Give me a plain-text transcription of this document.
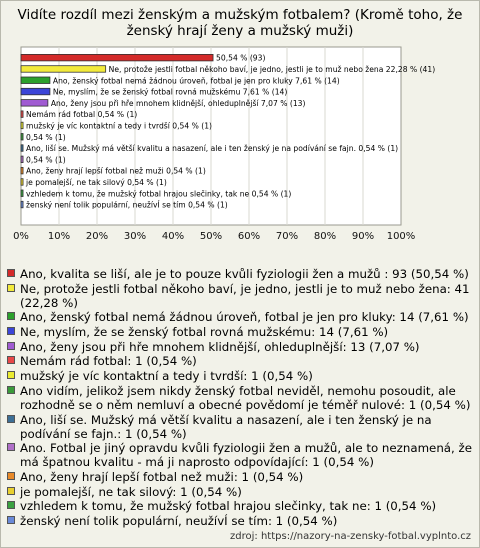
Vidíte rozdíl mezi ženským a mužským fotbalem? (Kromě toho, že ženský hrají ženy a mužský muži)
0% 10% 20% 30% 40% 50% 60% 70% 80% 90% 100%
50,54 % (93)
Ne, protože jestli fotbal někoho baví, je jedno, jestli je to muž nebo žena 22,28 % (41)
Ano, ženský fotbal nemá žádnou úroveň, fotbal je jen pro kluky 7,61 % (14)
Ne, myslím, že se ženský fotbal rovná mužskému 7,61 % (14)
Ano, ženy jsou při hře mnohem klidnější, ohleduplnější 7,07 % (13)
Nemám rád fotbal 0,54 % (1)
mužský je víc kontaktní a tedy i tvrdší 0,54 % (1)
0,54 % (1)
Ano, liší se. Mužský má větší kvalitu a nasazení, ale i ten ženský je na podívání se fajn. 0,54 % (1)
0,54 % (1)
Ano, ženy hrají lepší fotbal než muži 0,54 % (1)
je pomalejší, ne tak silový 0,54 % (1)
vzhledem k tomu, že mužský fotbal hrajou slečinky, tak ne 0,54 % (1)
ženský není tolik populární, neužívÍ se tím 0,54 % (1)
Ano, kvalita se liší, ale je to pouze kvůli fyziologii žen a mužů : 93 (50,54 %)
Ne, protože jestli fotbal někoho baví, je jedno, jestli je to muž nebo žena: 41 (22,28 %)
Ano, ženský fotbal nemá žádnou úroveň, fotbal je jen pro kluky: 14 (7,61 %)
Ne, myslím, že se ženský fotbal rovná mužskému: 14 (7,61 %)
Ano, ženy jsou při hře mnohem klidnější, ohleduplnější: 13 (7,07 %)
Nemám rád fotbal: 1 (0,54 %)
mužský je víc kontaktní a tedy i tvrdší: 1 (0,54 %)
Ano vidím, jelikož jsem nikdy ženský fotbal neviděl, nemohu posoudit, ale rozhodně se o něm nemluví a obecné povědomí je téměř nulové: 1 (0,54 %)
Ano, liší se. Mužský má větší kvalitu a nasazení, ale i ten ženský je na podívání se fajn.: 1 (0,54 %)
Ano. Fotbal je jiný opravdu kvůli fyziologii žen a mužů, ale to neznamená, že má špatnou kvalitu - má ji naprosto odpovídající: 1 (0,54 %)
Ano, ženy hrají lepší fotbal než muži: 1 (0,54 %)
je pomalejší, ne tak silový: 1 (0,54 %)
vzhledem k tomu, že mužský fotbal hrajou slečinky, tak ne: 1 (0,54 %)
ženský není tolik populární, neužívÍ se tím: 1 (0,54 %)
zdroj: https://nazory-na-zensky-fotbal.vyplnto.cz
